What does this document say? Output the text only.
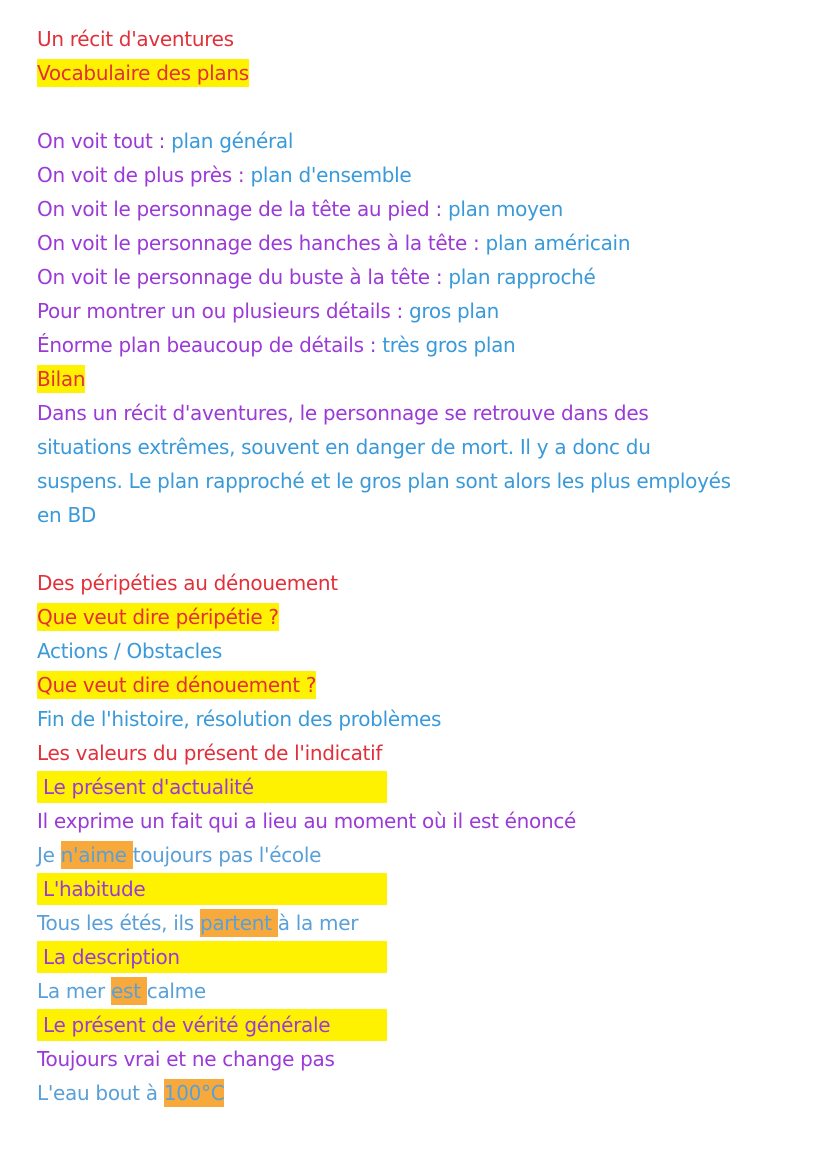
Un récit d'aventures
Vocabulaire des plans
On voit tout : plan général
On voit de plus près : plan d'ensemble
On voit le personnage de la tête au pied : plan moyen
On voit le personnage des hanches à la tête : plan américain
On voit le personnage du buste à la tête : plan rapproché
Pour montrer un ou plusieurs détails : gros plan
Énorme plan beaucoup de détails : très gros plan
Bilan
Dans un récit d'aventures, le personnage se retrouve dans des
situations extrêmes, souvent en danger de mort. Il y a donc du
suspens. Le plan rapproché et le gros plan sont alors les plus employés
en BD
Des péripéties au dénouement
Que veut dire péripétie ?
Actions / Obstacles
Que veut dire dénouement ?
Fin de l'histoire, résolution des problèmes
Les valeurs du présent de l'indicatif
Le présent d'actualité
Il exprime un fait qui a lieu au moment où il est énoncé
Je n'aime toujours pas l'école
L'habitude
Tous les étés, ils partent à la mer
La description
La mer est calme
Le présent de vérité générale
Toujours vrai et ne change pas
L'eau bout à 100°C
